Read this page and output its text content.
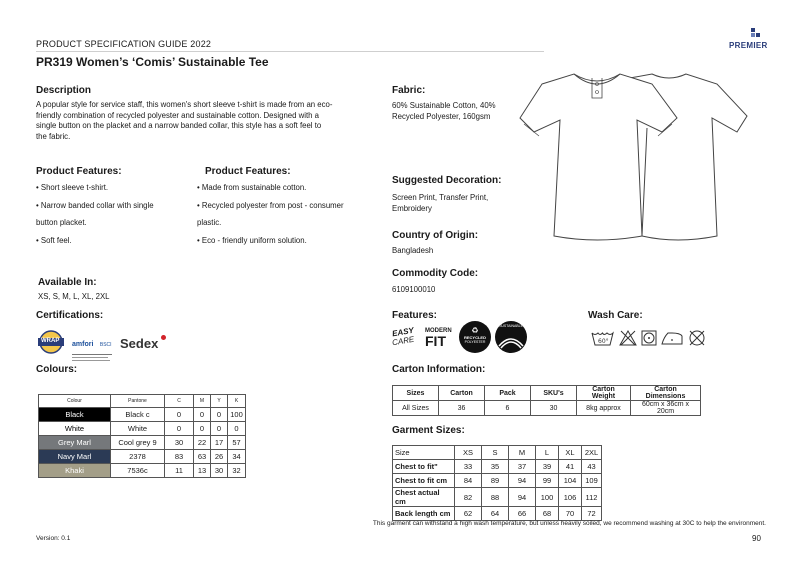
PRODUCT SPECIFICATION GUIDE 2022	PREMIER
PR319 Women’s ‘Comis’ Sustainable Tee
Description
A popular style for service staff, this women's short sleeve t-shirt is made from an eco-
friendly combination of recycled polyester and sustainable cotton. Designed with a
single button on the placket and a narrow banded collar, this style has a soft feel to
the fabric.
Product Features:
• Short sleeve t-shirt.
• Narrow banded collar with single
button placket.
• Soft feel.
Product Features:
• Made from sustainable cotton.
• Recycled polyester from post - consumer
plastic.
• Eco - friendly uniform solution.
Available In:
XS, S, M, L, XL, 2XL
Certifications:
WRAP amfori BSCI Sedex
Colours:
Colour	Pantone	C	M	Y	K
Black	Black c	0	0	0	100
White	White	0	0	0	0
Grey Marl	Cool grey 9	30	22	17	57
Navy Marl	2378	83	63	26	34
Khaki	7536c	11	13	30	32
Fabric:
60% Sustainable Cotton, 40%
Recycled Polyester, 160gsm
Suggested Decoration:
Screen Print, Transfer Print,
Embroidery
Country of Origin:
Bangladesh
Commodity Code:
6109100010
Features:
EASY
CARE
MODERN
FIT
♻
RECYCLED
POLYESTER
SUSTAINABLE
Wash Care:
60°
Carton Information:
Sizes	Carton	Pack	SKU's	Carton Weight	Carton Dimensions
All Sizes	36	6	30	8kg approx	60cm x 36cm x 20cm
Garment Sizes:
Size	XS	S	M	L	XL	2XL
Chest to fit"	33	35	37	39	41	43
Chest to fit cm	84	89	94	99	104	109
Chest actual cm	82	88	94	100	106	112
Back length cm	62	64	66	68	70	72
This garment can withstand a high wash temperature, but unless heavily soiled, we recommend washing at 30C to help the environment.
Version: 0.1	90
